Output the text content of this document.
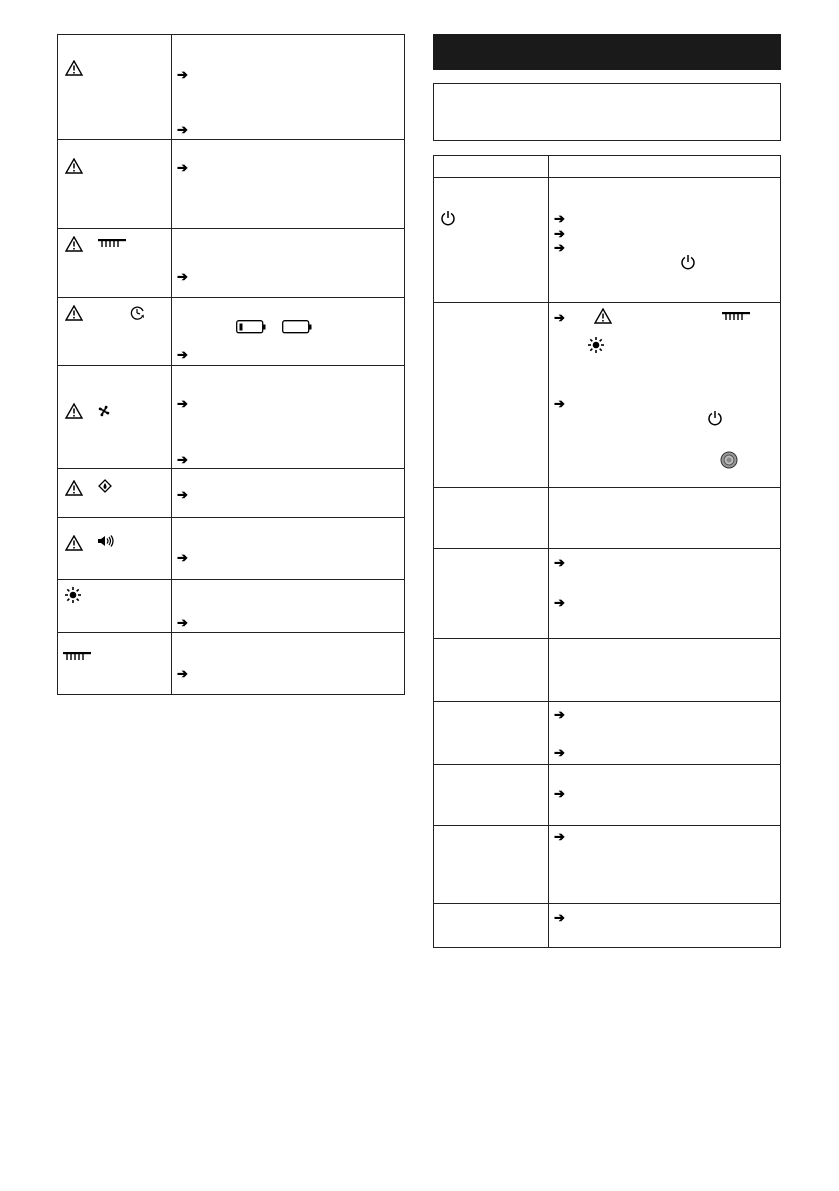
➔
➔
➔
➔
➔
➔
➔
➔
➔
➔
➔
➔
➔
➔
➔
➔
➔
➔
➔
➔
➔
➔
➔
